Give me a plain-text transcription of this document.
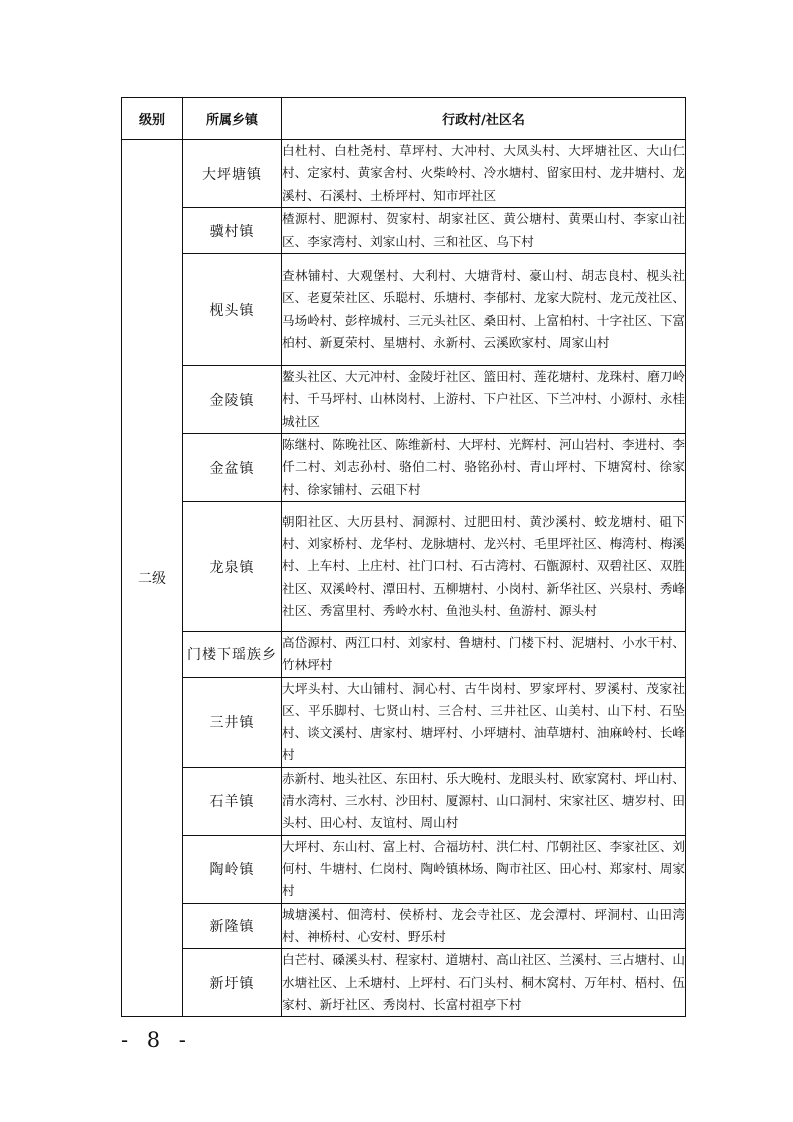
级别	所属乡镇	行政村/社区名
二级	大坪塘镇	白杜村、白杜尧村、草坪村、大冲村、大凤头村、大坪塘社区、大山仁村、定家村、黄家舍村、火柴岭村、冷水塘村、留家田村、龙井塘村、龙溪村、石溪村、土桥坪村、知市坪社区
	骥村镇	楂源村、肥源村、贺家村、胡家社区、黄公塘村、黄栗山村、李家山社区、李家湾村、刘家山村、三和社区、乌下村
	枧头镇	查林铺村、大观堡村、大利村、大塘背村、豪山村、胡志良村、枧头社区、老夏荣社区、乐聪村、乐塘村、李郁村、龙家大院村、龙元茂社区、马场岭村、彭梓城村、三元头社区、桑田村、上富柏村、十字社区、下富柏村、新夏荣村、星塘村、永新村、云溪欧家村、周家山村
	金陵镇	鳌头社区、大元冲村、金陵圩社区、篮田村、莲花塘村、龙珠村、磨刀岭村、千马坪村、山林岗村、上游村、下户社区、下兰冲村、小源村、永桂城社区
	金盆镇	陈继村、陈晚社区、陈维新村、大坪村、光辉村、河山岩村、李进村、李仟二村、刘志孙村、骆伯二村、骆铭孙村、青山坪村、下塘窝村、徐家村、徐家铺村、云砠下村
	龙泉镇	朝阳社区、大历县村、洞源村、过肥田村、黄沙溪村、蛟龙塘村、砠下村、刘家桥村、龙华村、龙脉塘村、龙兴村、毛里坪社区、梅湾村、梅溪村、上车村、上庄村、社门口村、石古湾村、石甑源村、双碧社区、双胜社区、双溪岭村、潭田村、五柳塘村、小岗村、新华社区、兴泉村、秀峰社区、秀富里村、秀岭水村、鱼池头村、鱼游村、源头村
	门楼下瑶族乡	高岱源村、两江口村、刘家村、鲁塘村、门楼下村、泥塘村、小水干村、竹林坪村
	三井镇	大坪头村、大山铺村、洞心村、古牛岗村、罗家坪村、罗溪村、茂家社区、平乐脚村、七贤山村、三合村、三井社区、山美村、山下村、石坠村、谈文溪村、唐家村、塘坪村、小坪塘村、油草塘村、油麻岭村、长峰村
	石羊镇	赤新村、地头社区、东田村、乐大晚村、龙眼头村、欧家窝村、坪山村、清水湾村、三水村、沙田村、厦源村、山口洞村、宋家社区、塘岁村、田头村、田心村、友谊村、周山村
	陶岭镇	大坪村、东山村、富上村、合福坊村、洪仁村、邝朝社区、李家社区、刘何村、牛塘村、仁岗村、陶岭镇林场、陶市社区、田心村、郑家村、周家村
	新隆镇	城塘溪村、佃湾村、侯桥村、龙会寺社区、龙会潭村、坪洞村、山田湾村、神桥村、心安村、野乐村
	新圩镇	白芒村、磉溪头村、程家村、道塘村、高山社区、兰溪村、三占塘村、山水塘社区、上禾塘村、上坪村、石门头村、桐木窝村、万年村、梧村、伍家村、新圩社区、秀岗村、长富村祖亭下村
- 8 -
